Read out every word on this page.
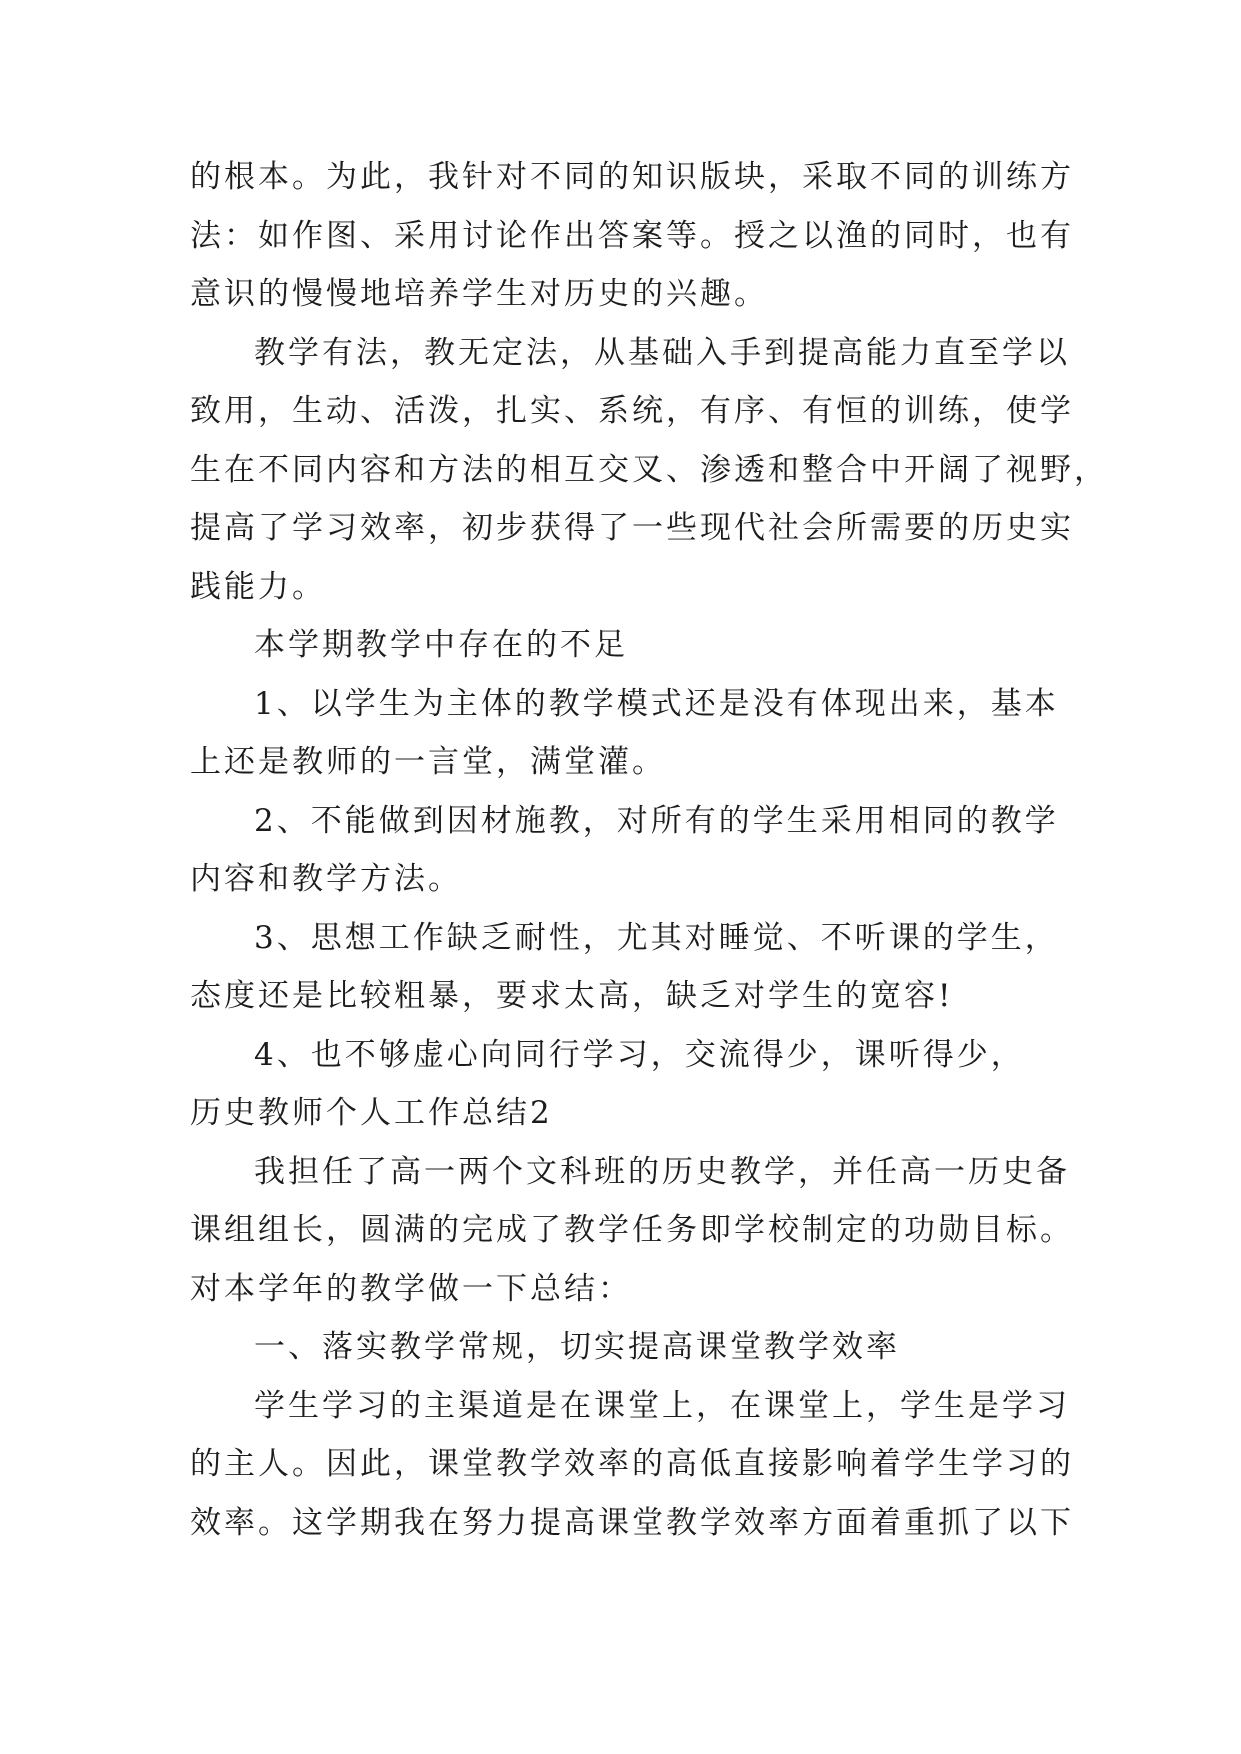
的根本。为此，我针对不同的知识版块，采取不同的训练方
法：如作图、采用讨论作出答案等。授之以渔的同时，也有
意识的慢慢地培养学生对历史的兴趣。
教学有法，教无定法，从基础入手到提高能力直至学以
致用，生动、活泼，扎实、系统，有序、有恒的训练，使学
生在不同内容和方法的相互交叉、渗透和整合中开阔了视野，
提高了学习效率，初步获得了一些现代社会所需要的历史实
践能力。
本学期教学中存在的不足
1、以学生为主体的教学模式还是没有体现出来，基本
上还是教师的一言堂，满堂灌。
2、不能做到因材施教，对所有的学生采用相同的教学
内容和教学方法。
3、思想工作缺乏耐性，尤其对睡觉、不听课的学生，
态度还是比较粗暴，要求太高，缺乏对学生的宽容!
4、也不够虚心向同行学习，交流得少，课听得少，
历史教师个人工作总结2
我担任了高一两个文科班的历史教学，并任高一历史备
课组组长，圆满的完成了教学任务即学校制定的功勋目标。
对本学年的教学做一下总结：
一、落实教学常规，切实提高课堂教学效率
学生学习的主渠道是在课堂上，在课堂上，学生是学习
的主人。因此，课堂教学效率的高低直接影响着学生学习的
效率。这学期我在努力提高课堂教学效率方面着重抓了以下
